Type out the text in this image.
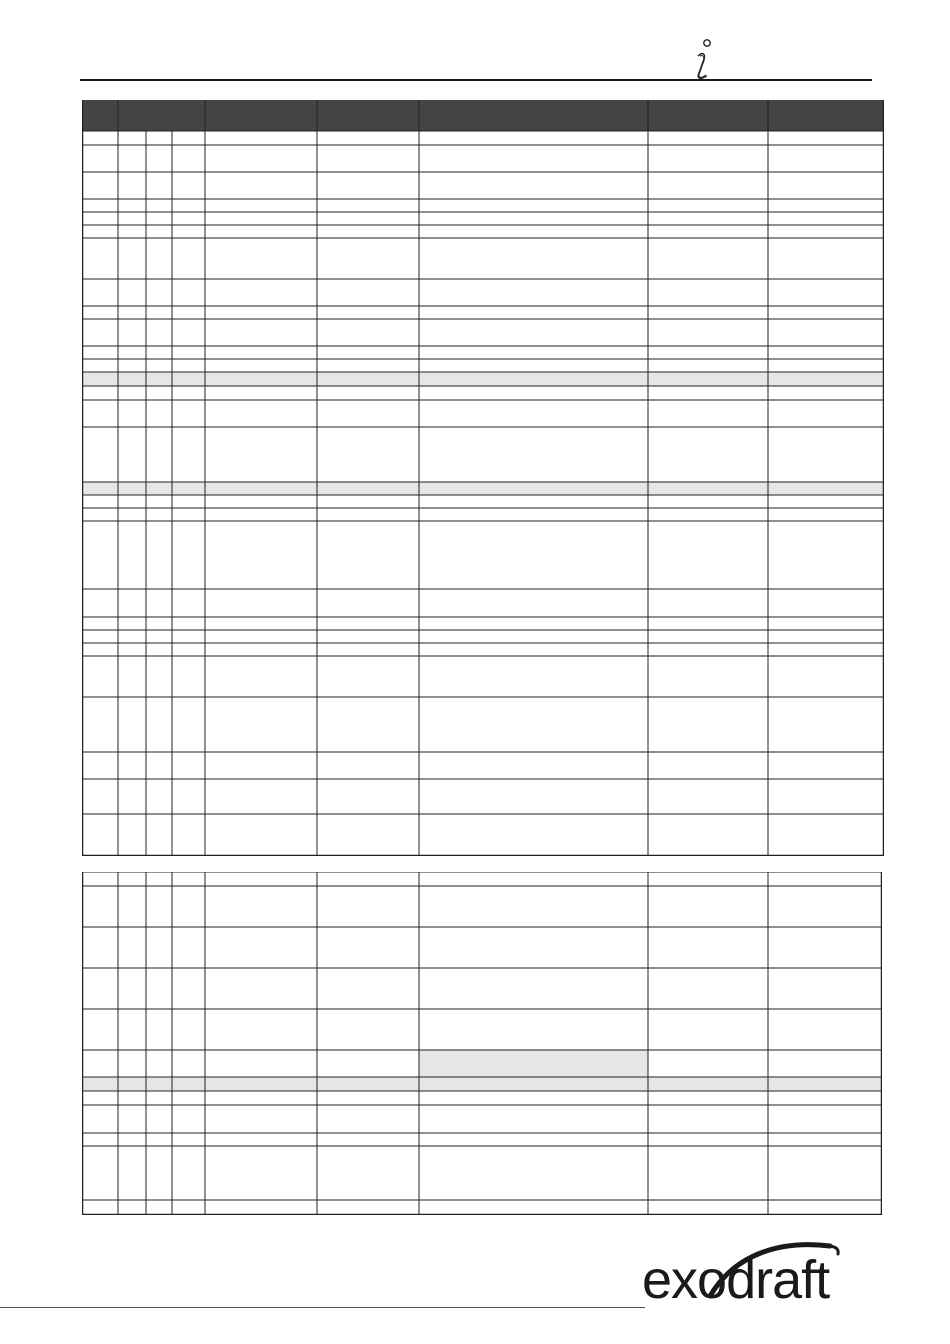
exodraft
